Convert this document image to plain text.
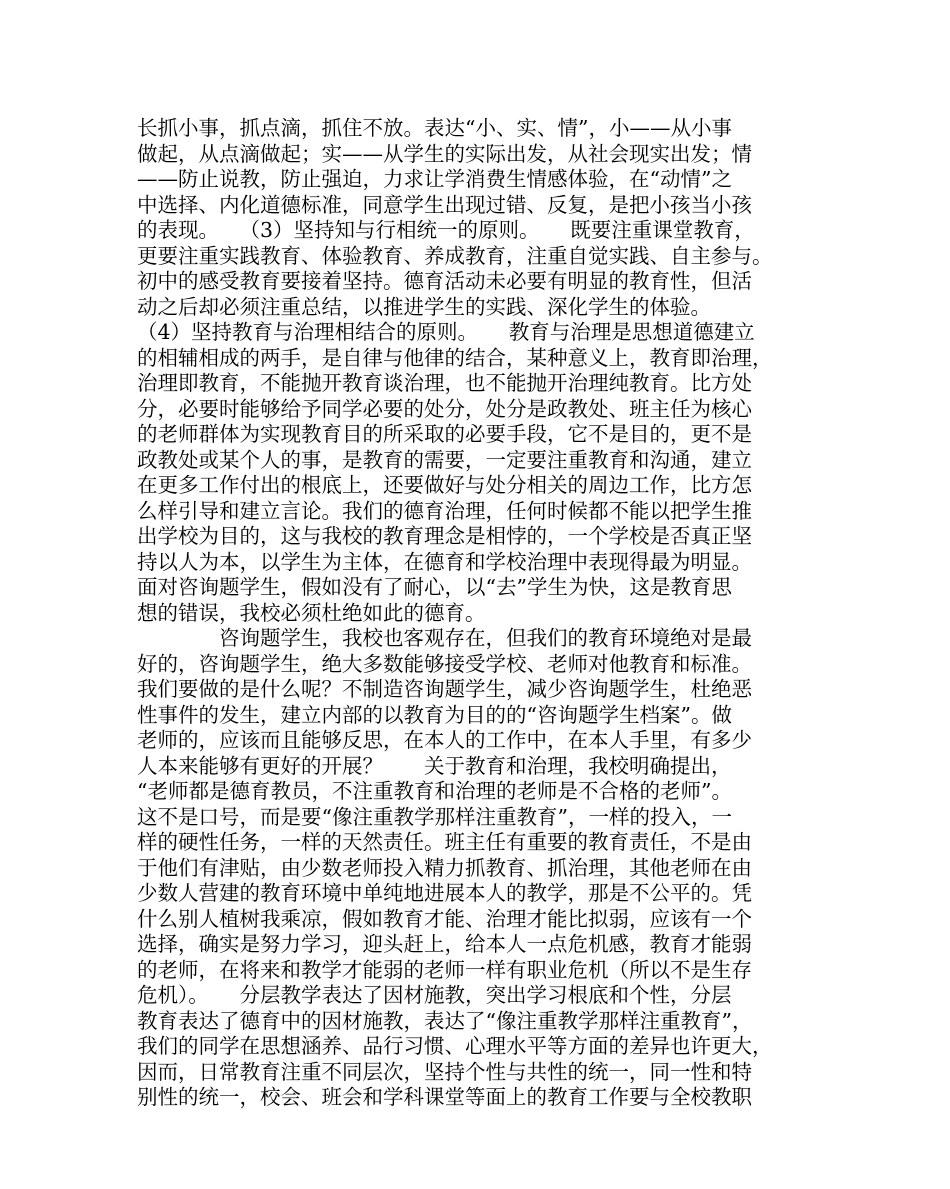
长抓小事，抓点滴，抓住不放。表达“小、实、情”，小——从小事
做起，从点滴做起；实——从学生的实际出发，从社会现实出发；情
——防止说教，防止强迫，力求让学消费生情感体验，在“动情”之
中选择、内化道德标准，同意学生出现过错、反复，是把小孩当小孩
的表现。　　（3）坚持知与行相统一的原则。　　既要注重课堂教育，
更要注重实践教育、体验教育、养成教育，注重自觉实践、自主参与。
初中的感受教育要接着坚持。德育活动未必要有明显的教育性，但活
动之后却必须注重总结，以推进学生的实践、深化学生的体验。
（4）坚持教育与治理相结合的原则。　　教育与治理是思想道德建立
的相辅相成的两手，是自律与他律的结合，某种意义上，教育即治理，
治理即教育，不能抛开教育谈治理，也不能抛开治理纯教育。比方处
分，必要时能够给予同学必要的处分，处分是政教处、班主任为核心
的老师群体为实现教育目的所采取的必要手段，它不是目的，更不是
政教处或某个人的事，是教育的需要，一定要注重教育和沟通，建立
在更多工作付出的根底上，还要做好与处分相关的周边工作，比方怎
么样引导和建立言论。我们的德育治理，任何时候都不能以把学生推
出学校为目的，这与我校的教育理念是相悖的，一个学校是否真正坚
持以人为本，以学生为主体，在德育和学校治理中表现得最为明显。
面对咨询题学生，假如没有了耐心，以“去”学生为快，这是教育思
想的错误，我校必须杜绝如此的德育。
　　　　咨询题学生，我校也客观存在，但我们的教育环境绝对是最
好的，咨询题学生，绝大多数能够接受学校、老师对他教育和标准。
我们要做的是什么呢？不制造咨询题学生，减少咨询题学生，杜绝恶
性事件的发生，建立内部的以教育为目的的“咨询题学生档案”。做
老师的，应该而且能够反思，在本人的工作中，在本人手里，有多少
人本来能够有更好的开展？　　关于教育和治理，我校明确提出，
“老师都是德育教员，不注重教育和治理的老师是不合格的老师”。
这不是口号，而是要“像注重教学那样注重教育”，一样的投入，一
样的硬性任务，一样的天然责任。班主任有重要的教育责任，不是由
于他们有津贴，由少数老师投入精力抓教育、抓治理，其他老师在由
少数人营建的教育环境中单纯地进展本人的教学，那是不公平的。凭
什么别人植树我乘凉，假如教育才能、治理才能比拟弱，应该有一个
选择，确实是努力学习，迎头赶上，给本人一点危机感，教育才能弱
的老师，在将来和教学才能弱的老师一样有职业危机（所以不是生存
危机）。　　分层教学表达了因材施教，突出学习根底和个性，分层
教育表达了德育中的因材施教，表达了“像注重教学那样注重教育”，
我们的同学在思想涵养、品行习惯、心理水平等方面的差异也许更大，
因而，日常教育注重不同层次，坚持个性与共性的统一，同一性和特
别性的统一，校会、班会和学科课堂等面上的教育工作要与全校教职
